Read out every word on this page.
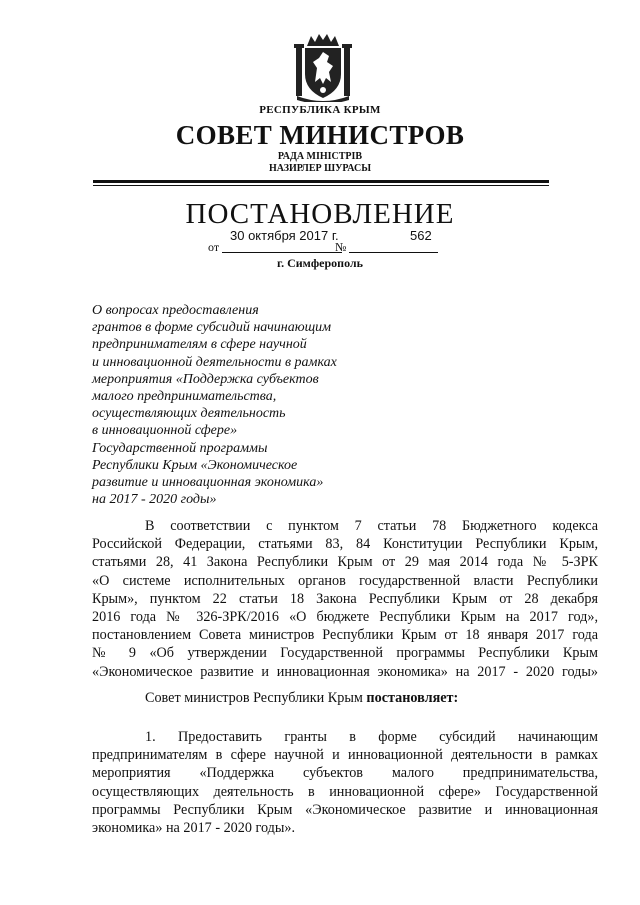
РЕСПУБЛИКА КРЫМ
СОВЕТ МИНИСТРОВ
РАДА МІНІСТРІВ
НАЗИРЛЕР ШУРАСЫ
ПОСТАНОВЛЕНИЕ
от
30 октября 2017 г.
№
562
г. Симферополь
О вопросах предоставления
грантов в форме субсидий начинающим
предпринимателям в сфере научной
и инновационной деятельности в рамках
мероприятия «Поддержка субъектов
малого предпринимательства,
осуществляющих деятельность
в инновационной сфере»
Государственной программы
Республики Крым «Экономическое
развитие и инновационная экономика»
на 2017 - 2020 годы»
В соответствии с пунктом 7 статьи 78 Бюджетного кодекса
Российской Федерации, статьями 83, 84 Конституции Республики Крым,
статьями 28, 41 Закона Республики Крым от 29 мая 2014 года № 5-ЗРК
«О системе исполнительных органов государственной власти Республики
Крым», пунктом 22 статьи 18 Закона Республики Крым от 28 декабря
2016 года № 326-ЗРК/2016 «О бюджете Республики Крым на 2017 год»,
постановлением Совета министров Республики Крым от 18 января 2017 года
№ 9 «Об утверждении Государственной программы Республики Крым
«Экономическое развитие и инновационная экономика» на 2017 - 2020 годы»
Совет министров Республики Крым постановляет:
1. Предоставить гранты в форме субсидий начинающим
предпринимателям в сфере научной и инновационной деятельности в рамках
мероприятия «Поддержка субъектов малого предпринимательства,
осуществляющих деятельность в инновационной сфере» Государственной
программы Республики Крым «Экономическое развитие и инновационная
экономика» на 2017 - 2020 годы».
